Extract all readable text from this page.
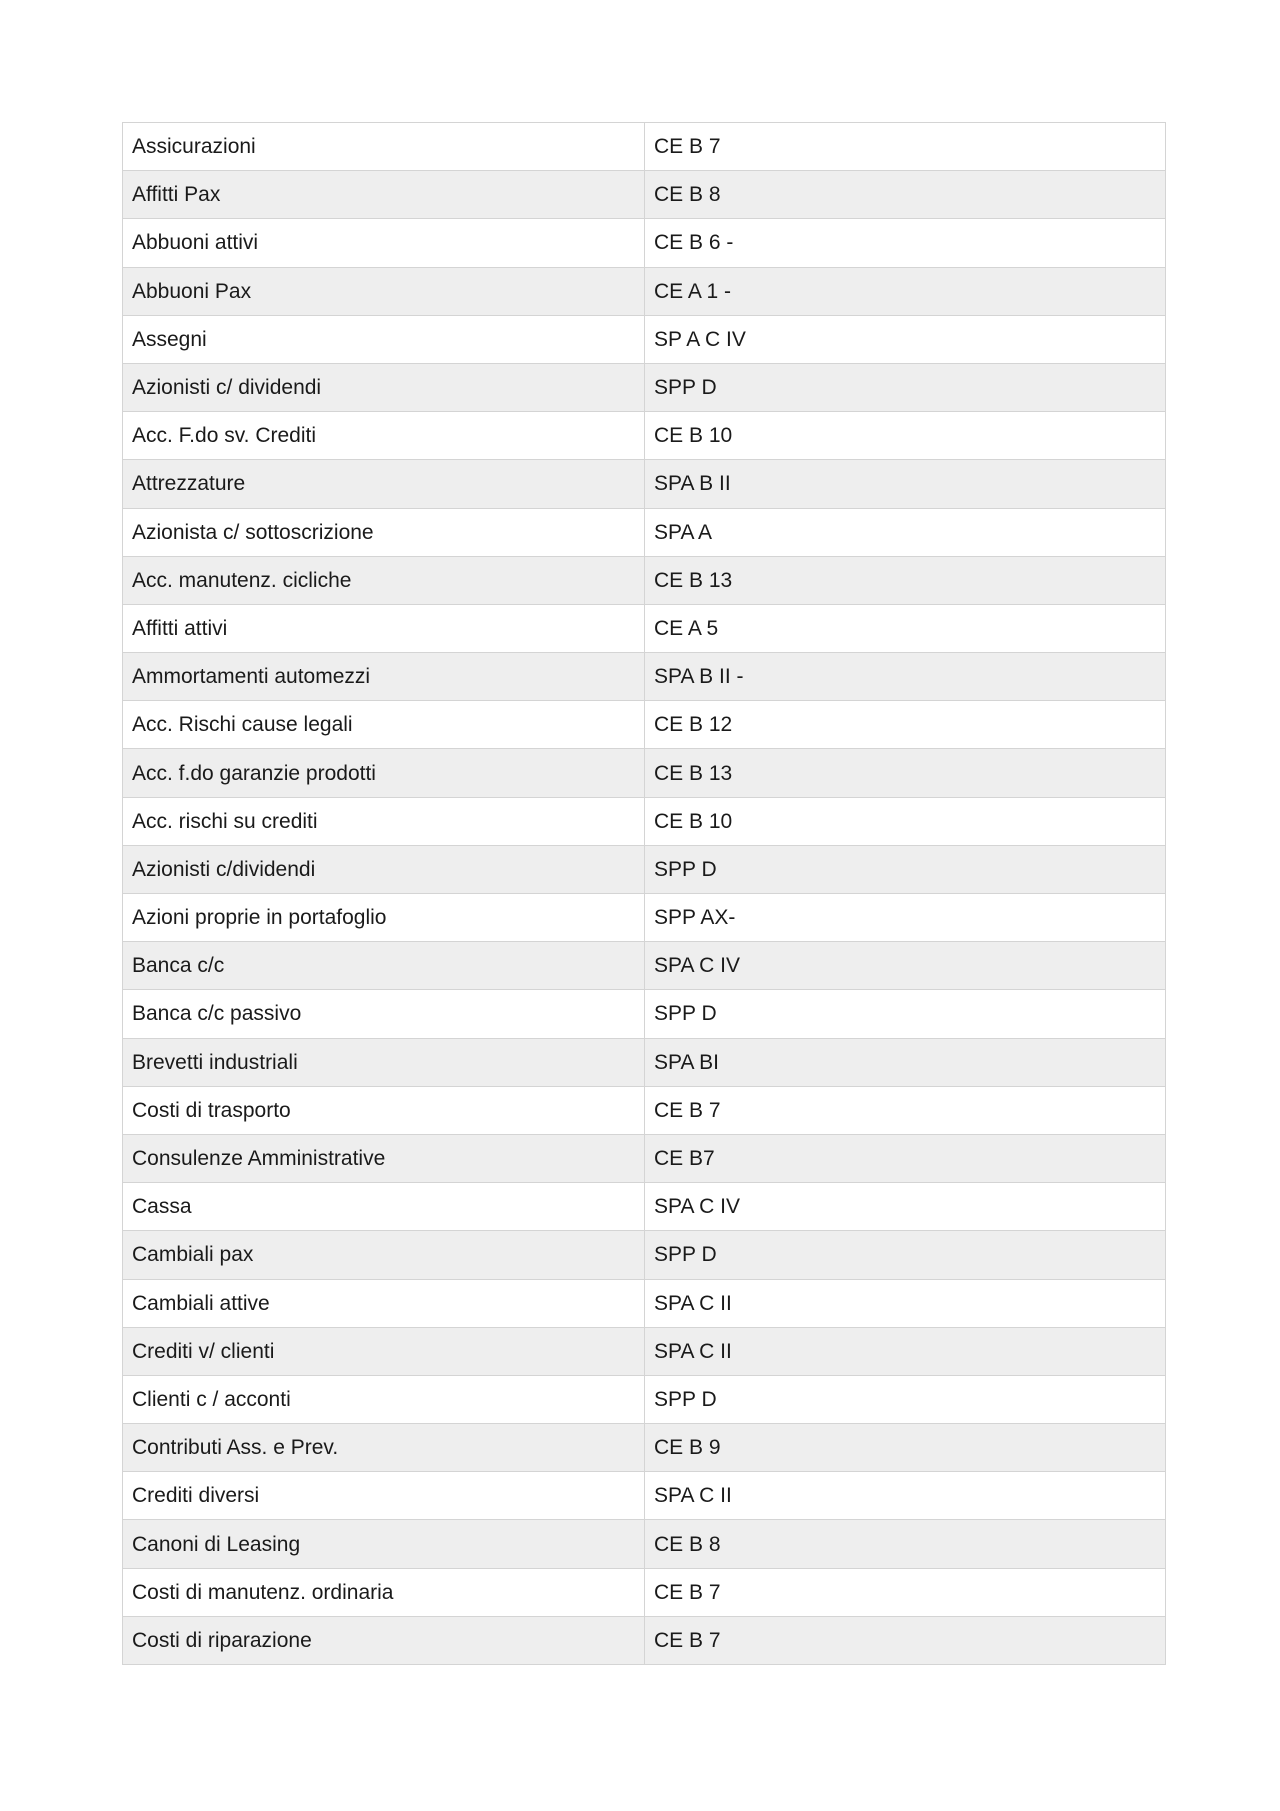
Assicurazioni	CE B 7
Affitti Pax	CE B 8
Abbuoni attivi	CE B 6 -
Abbuoni Pax	CE A 1 -
Assegni	SP A C IV
Azionisti c/ dividendi	SPP D
Acc. F.do sv. Crediti	CE B 10
Attrezzature	SPA B II
Azionista c/ sottoscrizione	SPA A
Acc. manutenz. cicliche	CE B 13
Affitti attivi	CE A 5
Ammortamenti automezzi	SPA B II -
Acc. Rischi cause legali	CE B 12
Acc. f.do garanzie prodotti	CE B 13
Acc. rischi su crediti	CE B 10
Azionisti c/dividendi	SPP D
Azioni proprie in portafoglio	SPP AX-
Banca c/c	SPA C IV
Banca c/c passivo	SPP D
Brevetti industriali	SPA BI
Costi di trasporto	CE B 7
Consulenze Amministrative	CE B7
Cassa	SPA C IV
Cambiali pax	SPP D
Cambiali attive	SPA C II
Crediti v/ clienti	SPA C II
Clienti c / acconti	SPP D
Contributi Ass. e Prev.	CE B 9
Crediti diversi	SPA C II
Canoni di Leasing	CE B 8
Costi di manutenz. ordinaria	CE B 7
Costi di riparazione	CE B 7
